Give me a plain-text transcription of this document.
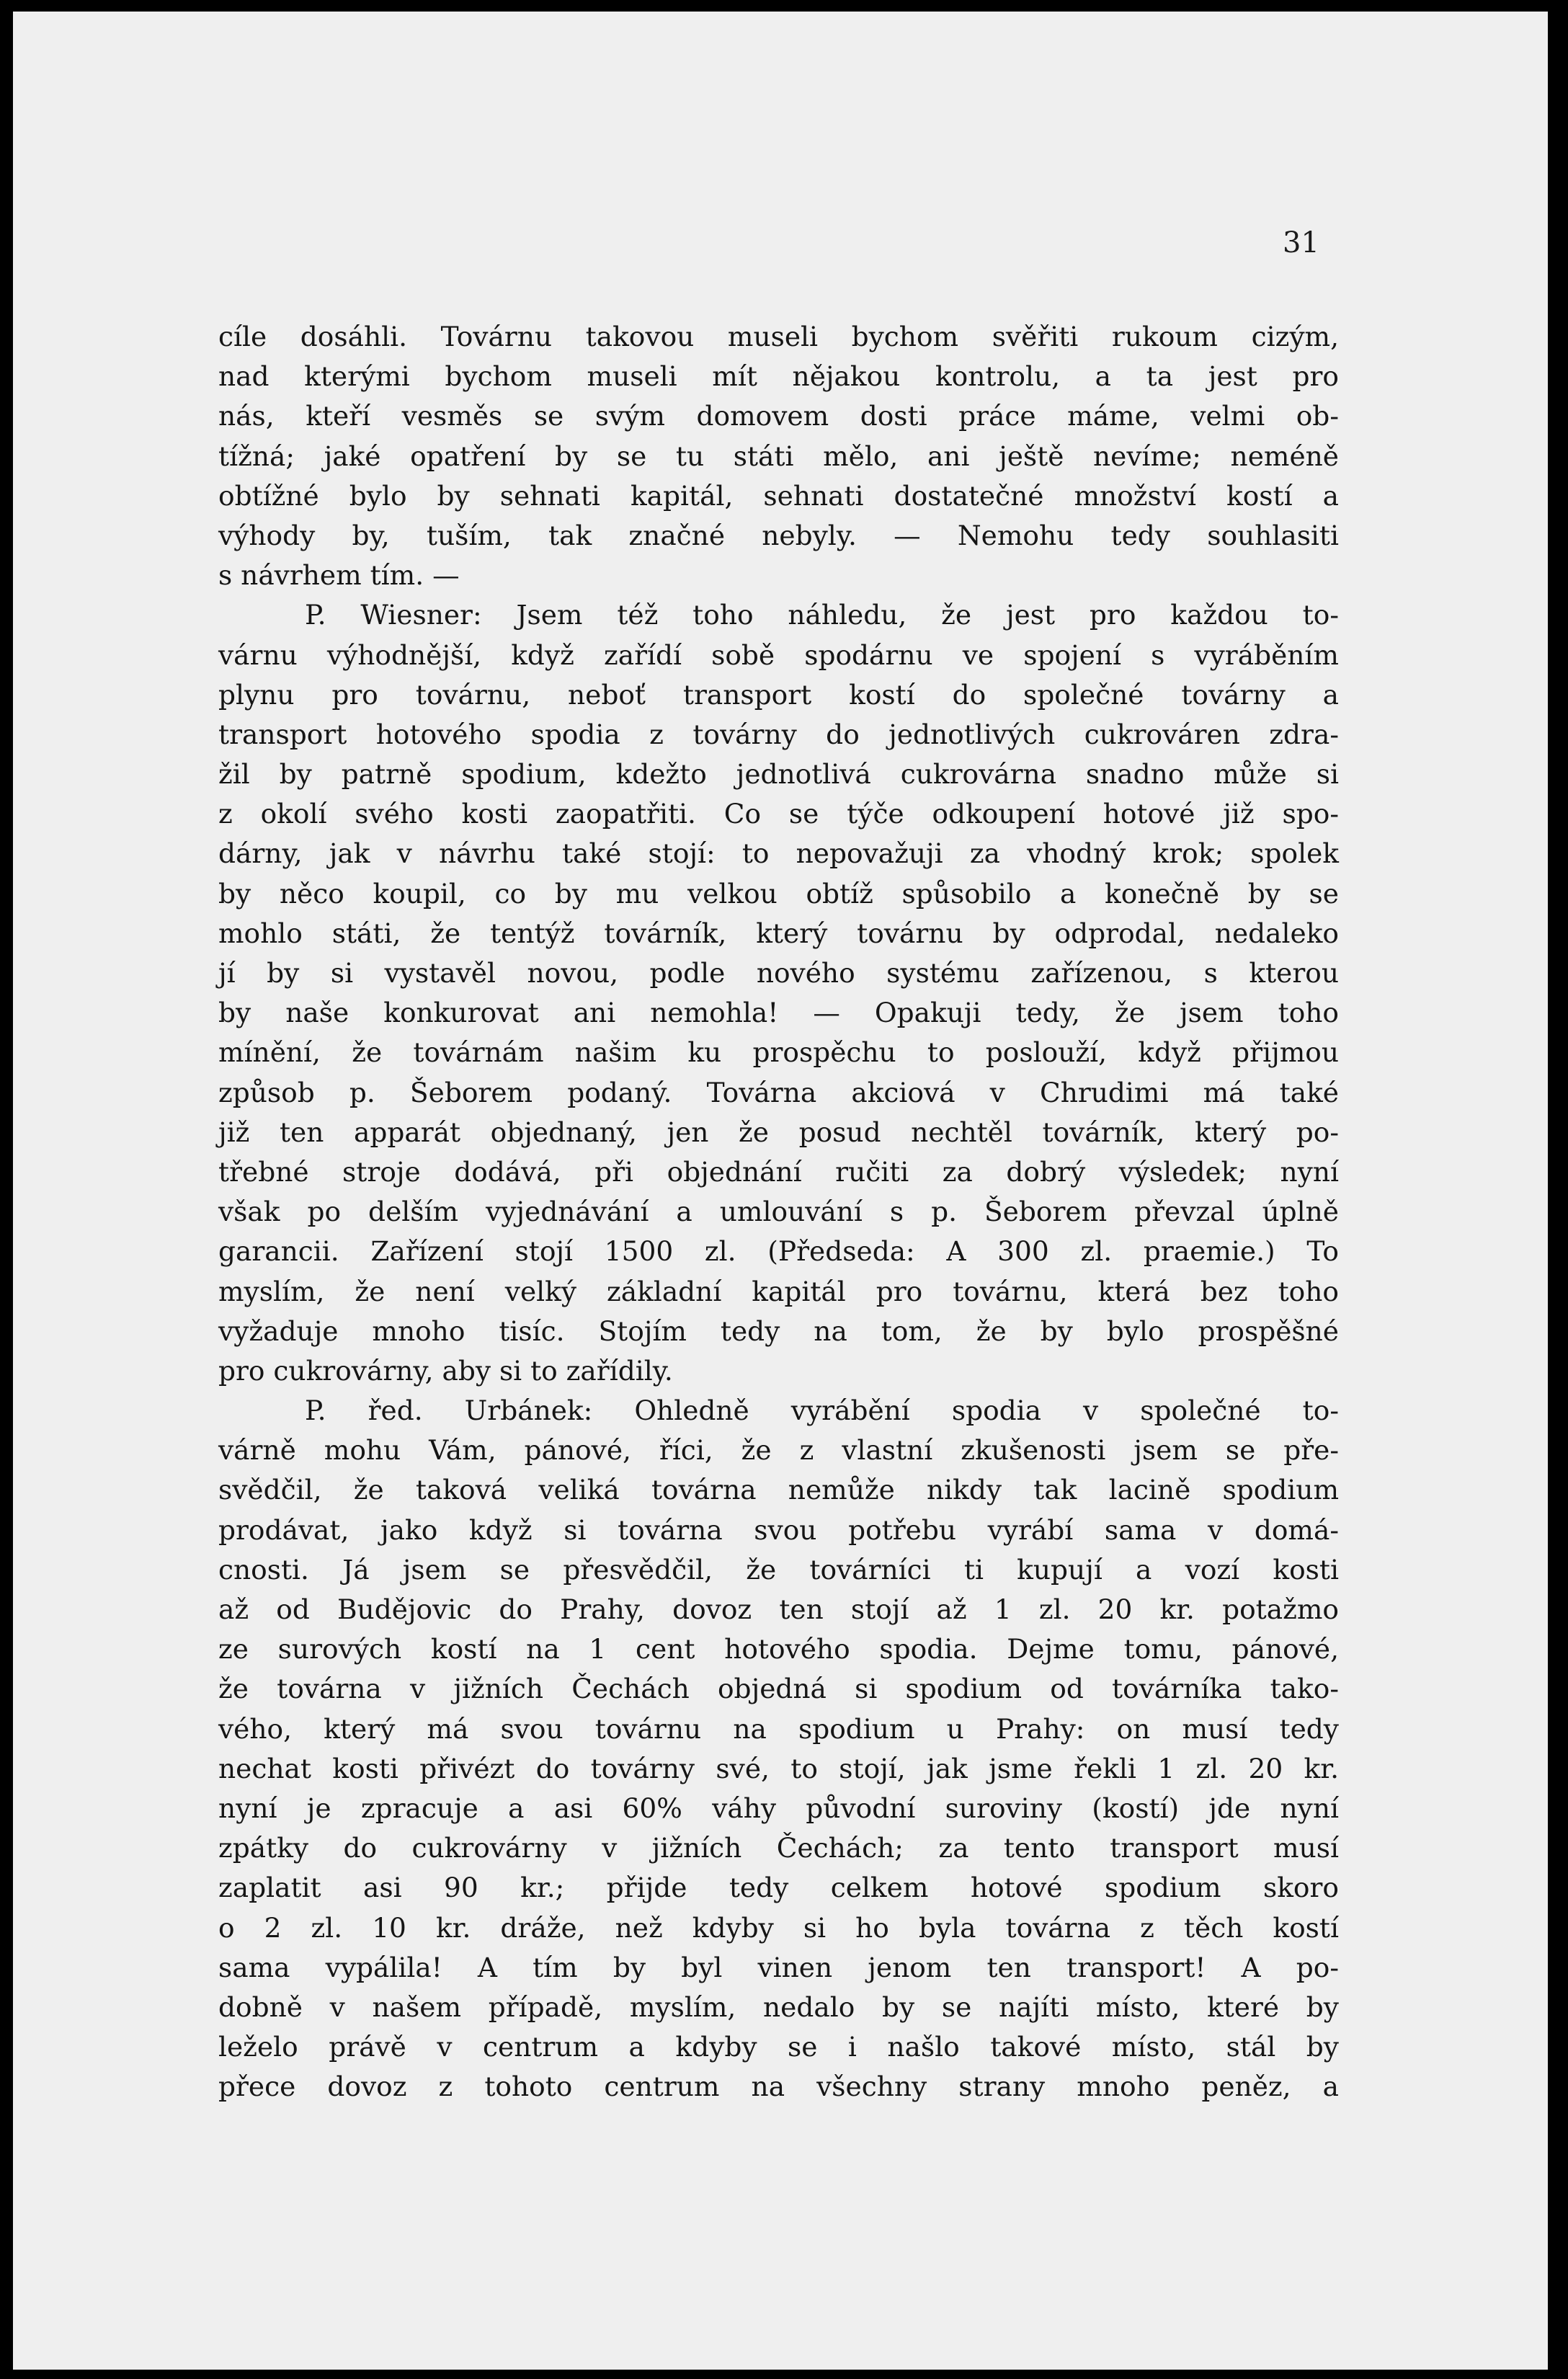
31
cíle dosáhli. Továrnu takovou museli bychom svěřiti rukoum cizým,
nad kterými bychom museli mít nějakou kontrolu, a ta jest pro
nás, kteří vesměs se svým domovem dosti práce máme, velmi ob-
tížná; jaké opatření by se tu státi mělo, ani ještě nevíme; neméně
obtížné bylo by sehnati kapitál, sehnati dostatečné množství kostí a
výhody by, tuším, tak značné nebyly. — Nemohu tedy souhlasiti
s návrhem tím. —
P. Wiesner: Jsem též toho náhledu, že jest pro každou to-
várnu výhodnější, když zařídí sobě spodárnu ve spojení s vyráběním
plynu pro továrnu, neboť transport kostí do společné továrny a
transport hotového spodia z továrny do jednotlivých cukrováren zdra-
žil by patrně spodium, kdežto jednotlivá cukrovárna snadno může si
z okolí svého kosti zaopatřiti. Co se týče odkoupení hotové již spo-
dárny, jak v návrhu také stojí: to nepovažuji za vhodný krok; spolek
by něco koupil, co by mu velkou obtíž spůsobilo a konečně by se
mohlo státi, že tentýž továrník, který továrnu by odprodal, nedaleko
jí by si vystavěl novou, podle nového systému zařízenou, s kterou
by naše konkurovat ani nemohla! — Opakuji tedy, že jsem toho
mínění, že továrnám našim ku prospěchu to poslouží, když přijmou
způsob p. Šeborem podaný. Továrna akciová v Chrudimi má také
již ten apparát objednaný, jen že posud nechtěl továrník, který po-
třebné stroje dodává, při objednání ručiti za dobrý výsledek; nyní
však po delším vyjednávání a umlouvání s p. Šeborem převzal úplně
garancii. Zařízení stojí 1500 zl. (Předseda: A 300 zl. praemie.) To
myslím, že není velký základní kapitál pro továrnu, která bez toho
vyžaduje mnoho tisíc. Stojím tedy na tom, že by bylo prospěšné
pro cukrovárny, aby si to zařídily.
P. řed. Urbánek: Ohledně vyrábění spodia v společné to-
várně mohu Vám, pánové, říci, že z vlastní zkušenosti jsem se pře-
svědčil, že taková veliká továrna nemůže nikdy tak lacině spodium
prodávat, jako když si továrna svou potřebu vyrábí sama v domá-
cnosti. Já jsem se přesvědčil, že továrníci ti kupují a vozí kosti
až od Budějovic do Prahy, dovoz ten stojí až 1 zl. 20 kr. potažmo
ze surových kostí na 1 cent hotového spodia. Dejme tomu, pánové,
že továrna v jižních Čechách objedná si spodium od továrníka tako-
vého, který má svou továrnu na spodium u Prahy: on musí tedy
nechat kosti přivézt do továrny své, to stojí, jak jsme řekli 1 zl. 20 kr.
nyní je zpracuje a asi 60% váhy původní suroviny (kostí) jde nyní
zpátky do cukrovárny v jižních Čechách; za tento transport musí
zaplatit asi 90 kr.; přijde tedy celkem hotové spodium skoro
o 2 zl. 10 kr. dráže, než kdyby si ho byla továrna z těch kostí
sama vypálila! A tím by byl vinen jenom ten transport! A po-
dobně v našem případě, myslím, nedalo by se najíti místo, které by
leželo právě v centrum a kdyby se i našlo takové místo, stál by
přece dovoz z tohoto centrum na všechny strany mnoho peněz, a
